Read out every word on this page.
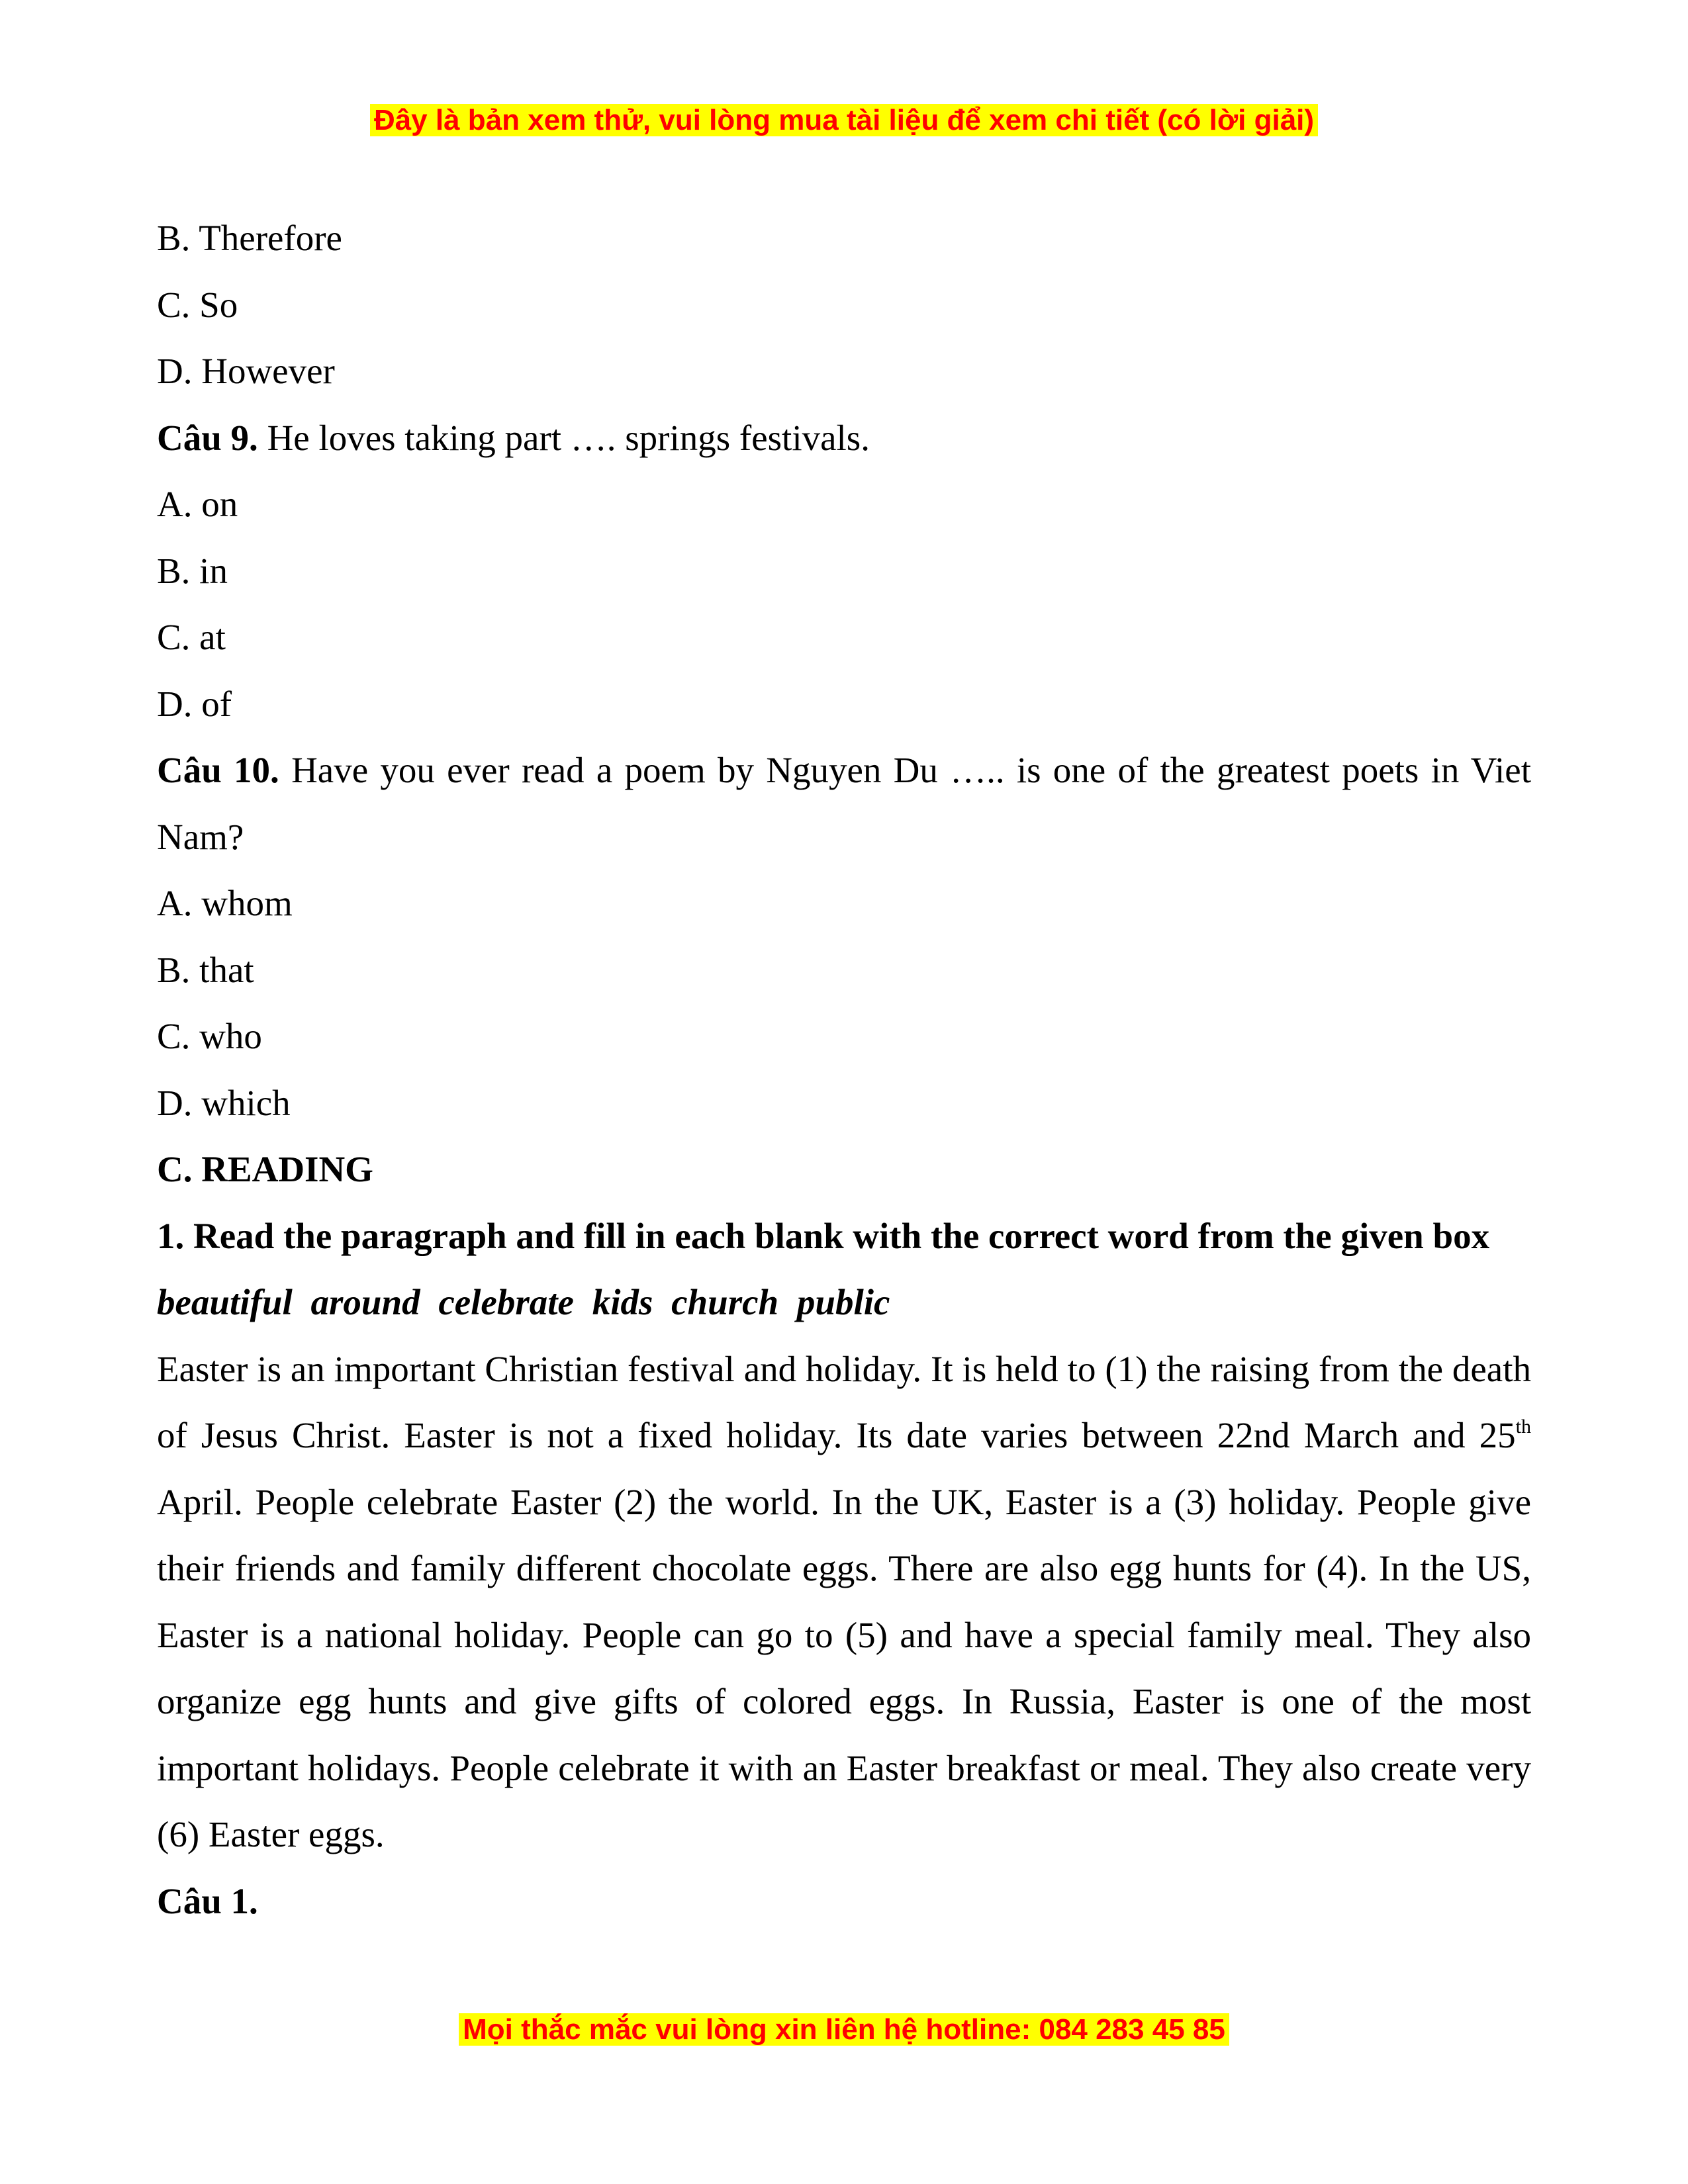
Đây là bản xem thử, vui lòng mua tài liệu để xem chi tiết (có lời giải)

B. Therefore

C. So

D. However

Câu 9. He loves taking part …. springs festivals.

A. on

B. in

C. at

D. of

Câu 10. Have you ever read a poem by Nguyen Du ….. is one of the greatest poets in Viet Nam?

A. whom

B. that

C. who

D. which

C. READING

1. Read the paragraph and fill in each blank with the correct word from the given box

beautiful around celebrate kids church public

Easter is an important Christian festival and holiday. It is held to (1) the raising from the death of Jesus Christ. Easter is not a fixed holiday. Its date varies between 22nd March and 25th April. People celebrate Easter (2) the world. In the UK, Easter is a (3) holiday. People give their friends and family different chocolate eggs. There are also egg hunts for (4). In the US, Easter is a national holiday. People can go to (5) and have a special family meal. They also organize egg hunts and give gifts of colored eggs. In Russia, Easter is one of the most important holidays. People celebrate it with an Easter breakfast or meal. They also create very (6) Easter eggs.

Câu 1.

Mọi thắc mắc vui lòng xin liên hệ hotline: 084 283 45 85
